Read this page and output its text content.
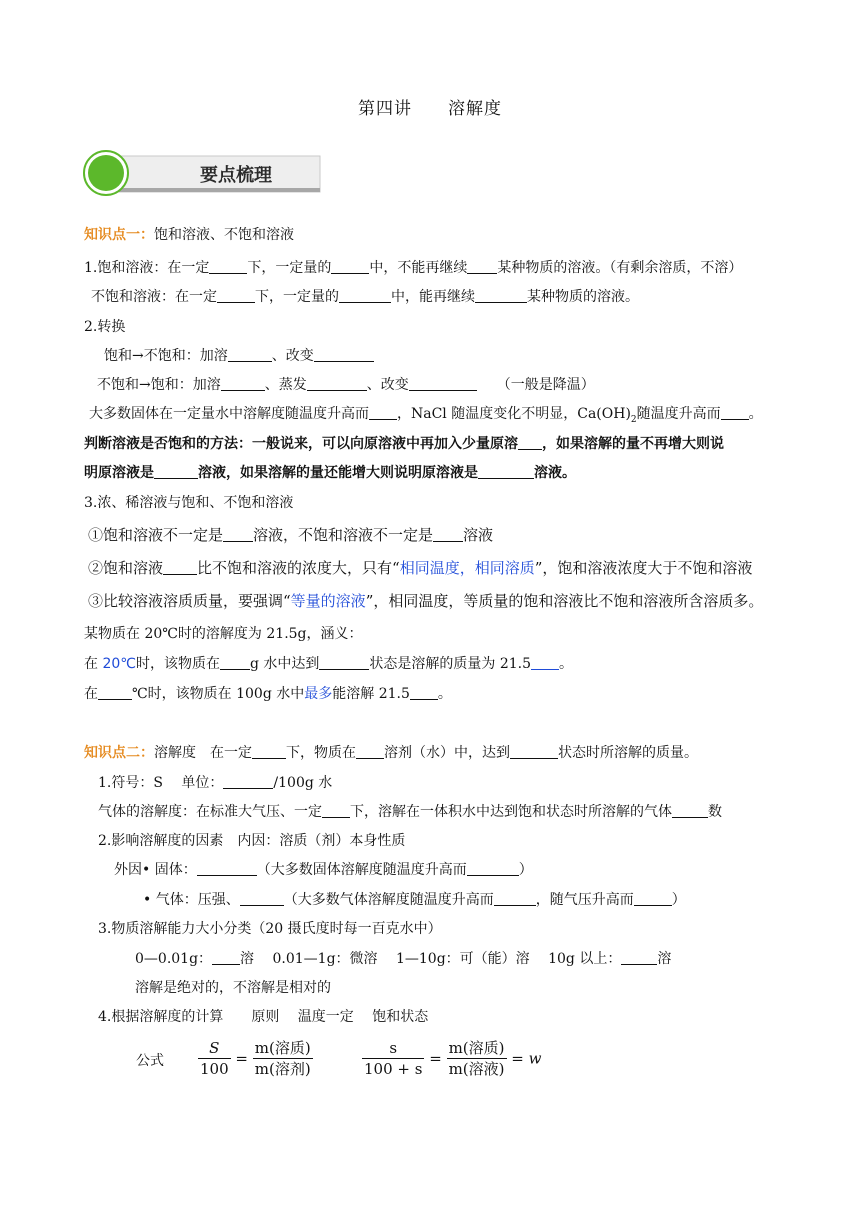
第四讲　　溶解度
要点梳理
知识点一：饱和溶液、不饱和溶液
1.饱和溶液：在一定	下，一定量的	中，不能再继续 某种物质的溶液。（有剩余溶质，不溶）
不饱和溶液：在一定	下，一定量的	中，能再继续	某种物质的溶液。
2.转换
饱和→不饱和：加溶	、改变
不饱和→饱和：加溶	、蒸发	、改变	（一般是降温）
大多数固体在一定量水中溶解度随温度升高而 ，NaCl 随温度变化不明显，$Ca(OH)_2$随温度升高而 。
判断溶液是否饱和的方法：一般说来，可以向原溶液中再加入少量原溶 ，如果溶解的量不再增大则说
明原溶液是	溶液，如果溶解的量还能增大则说明原溶液是	溶液。
3.浓、稀溶液与饱和、不饱和溶液
①饱和溶液不一定是 溶液，不饱和溶液不一定是 溶液
②饱和溶液 比不饱和溶液的浓度大，只有“相同温度，相同溶质”，饱和溶液浓度大于不饱和溶液
③比较溶液溶质质量，要强调“等量的溶液”，相同温度，等质量的饱和溶液比不饱和溶液所含溶质多。
某物质在 20℃时的溶解度为 21.5g，涵义：
在 20℃时，该物质在 g 水中达到	状态是溶解的质量为 21.5 。
在 ℃时，该物质在 100g 水中最多能溶解 21.5 。
知识点二：溶解度　在一定 下，物质在 溶剂（水）中，达到	状态时所溶解的质量。
1.符号：S　 单位：	/100g 水
气体的溶解度：在标准大气压、一定 下，溶解在一体积水中达到饱和状态时所溶解的气体	数
2.影响溶解度的因素　内因：溶质（剂）本身性质
外因• 固体：	（大多数固体溶解度随温度升高而	）
• 气体：压强、	（大多数气体溶解度随温度升高而	，随气压升高而	）
3.物质溶解能力大小分类（20 摄氏度时每一百克水中）
0—0.01g： 溶　 0.01—1g：微溶　 1—10g：可（能）溶　 10g 以上：	溶
溶解是绝对的，不溶解是相对的
4.根据溶解度的计算　　原则　 温度一定　 饱和状态
公式 $\frac{S}{100} = \frac{\text{m(溶质)}}{\text{m(溶剂)}}$	$\frac{s}{100 + s} = \frac{\text{m(溶质)}}{\text{m(溶液)}} = w$
